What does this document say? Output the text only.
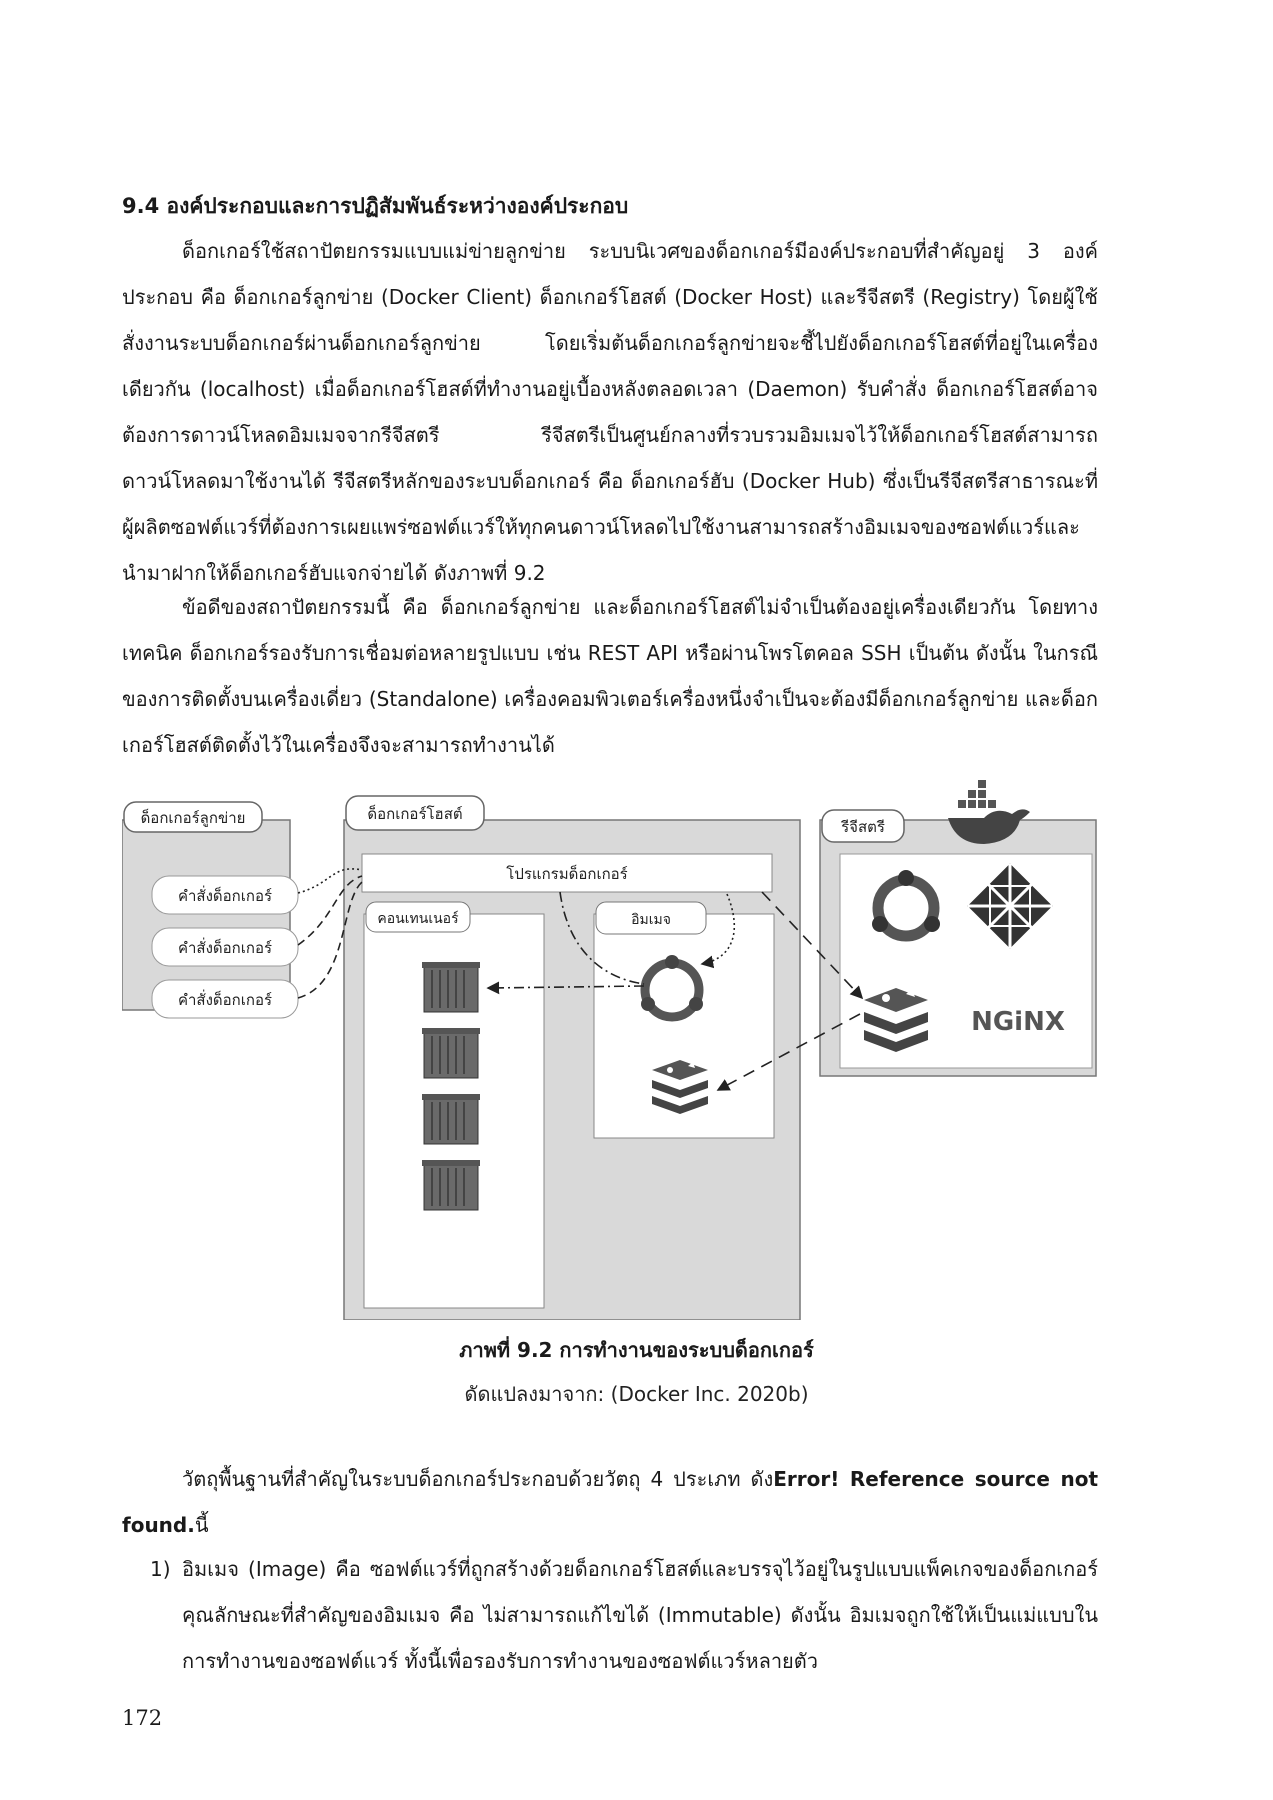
9.4 องค์ประกอบและการปฏิสัมพันธ์ระหว่างองค์ประกอบ

ด็อกเกอร์ใช้สถาปัตยกรรมแบบแม่ข่ายลูกข่าย ระบบนิเวศของด็อกเกอร์มีองค์ประกอบที่สำคัญอยู่ 3 องค์ประกอบ คือ ด็อกเกอร์ลูกข่าย (Docker Client) ด็อกเกอร์โฮสต์ (Docker Host) และรีจีสตรี (Registry) โดยผู้ใช้สั่งงานระบบด็อกเกอร์ผ่านด็อกเกอร์ลูกข่าย โดยเริ่มต้นด็อกเกอร์ลูกข่ายจะชี้ไปยังด็อกเกอร์โฮสต์ที่อยู่ในเครื่องเดียวกัน (localhost) เมื่อด็อกเกอร์โฮสต์ที่ทำงานอยู่เบื้องหลังตลอดเวลา (Daemon) รับคำสั่ง ด็อกเกอร์โฮสต์อาจต้องการดาวน์โหลดอิมเมจจากรีจีสตรี รีจีสตรีเป็นศูนย์กลางที่รวบรวมอิมเมจไว้ให้ด็อกเกอร์โฮสต์สามารถดาวน์โหลดมาใช้งานได้ รีจีสตรีหลักของระบบด็อกเกอร์ คือ ด็อกเกอร์ฮับ (Docker Hub) ซึ่งเป็นรีจีสตรีสาธารณะที่ผู้ผลิตซอฟต์แวร์ที่ต้องการเผยแพร่ซอฟต์แวร์ให้ทุกคนดาวน์โหลดไปใช้งานสามารถสร้างอิมเมจของซอฟต์แวร์และนำมาฝากให้ด็อกเกอร์ฮับแจกจ่ายได้ ดังภาพที่ 9.2

ข้อดีของสถาปัตยกรรมนี้ คือ ด็อกเกอร์ลูกข่าย และด็อกเกอร์โฮสต์ไม่จำเป็นต้องอยู่เครื่องเดียวกัน โดยทางเทคนิค ด็อกเกอร์รองรับการเชื่อมต่อหลายรูปแบบ เช่น REST API หรือผ่านโพรโตคอล SSH เป็นต้น ดังนั้น ในกรณีของการติดตั้งบนเครื่องเดี่ยว (Standalone) เครื่องคอมพิวเตอร์เครื่องหนึ่งจำเป็นจะต้องมีด็อกเกอร์ลูกข่าย และด็อกเกอร์โฮสต์ติดตั้งไว้ในเครื่องจึงจะสามารถทำงานได้

ด็อกเกอร์ลูกข่าย
คำสั่งด็อกเกอร์
คำสั่งด็อกเกอร์
คำสั่งด็อกเกอร์
ด็อกเกอร์โฮสต์
โปรแกรมด็อกเกอร์
คอนเทนเนอร์	อิมเมจ
รีจีสตรี
NGiNX
ภาพที่ 9.2 การทำงานของระบบด็อกเกอร์
ดัดแปลงมาจาก: (Docker Inc. 2020b)

วัตถุพื้นฐานที่สำคัญในระบบด็อกเกอร์ประกอบด้วยวัตถุ 4 ประเภท ดังError! Reference source not found.นี้

1) อิมเมจ (Image) คือ ซอฟต์แวร์ที่ถูกสร้างด้วยด็อกเกอร์โฮสต์และบรรจุไว้อยู่ในรูปแบบแพ็คเกจของด็อกเกอร์ คุณลักษณะที่สำคัญของอิมเมจ คือ ไม่สามารถแก้ไขได้ (Immutable) ดังนั้น อิมเมจถูกใช้ให้เป็นแม่แบบในการทำงานของซอฟต์แวร์ ทั้งนี้เพื่อรองรับการทำงานของซอฟต์แวร์หลายตัว
172
